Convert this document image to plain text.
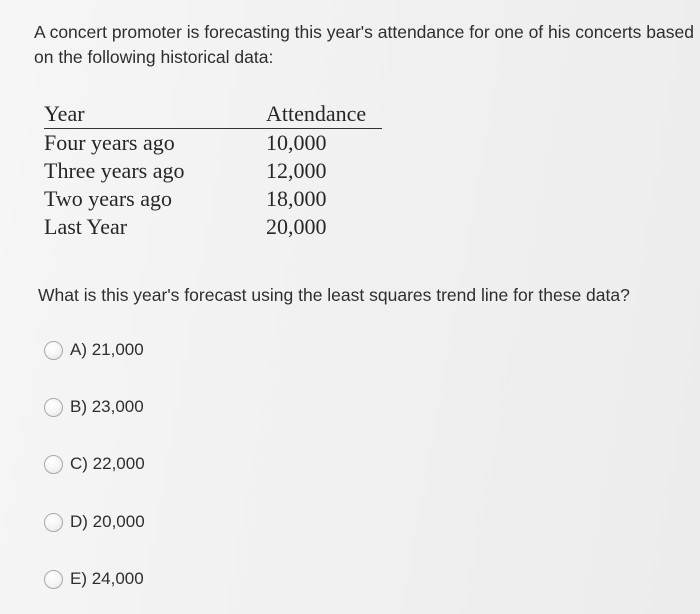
A concert promoter is forecasting this year's attendance for one of his concerts based on the following historical data:
Year	Attendance
Four years ago	10,000
Three years ago	12,000
Two years ago	18,000
Last Year	20,000
What is this year's forecast using the least squares trend line for these data?
A) 21,000
B) 23,000
C) 22,000
D) 20,000
E) 24,000
